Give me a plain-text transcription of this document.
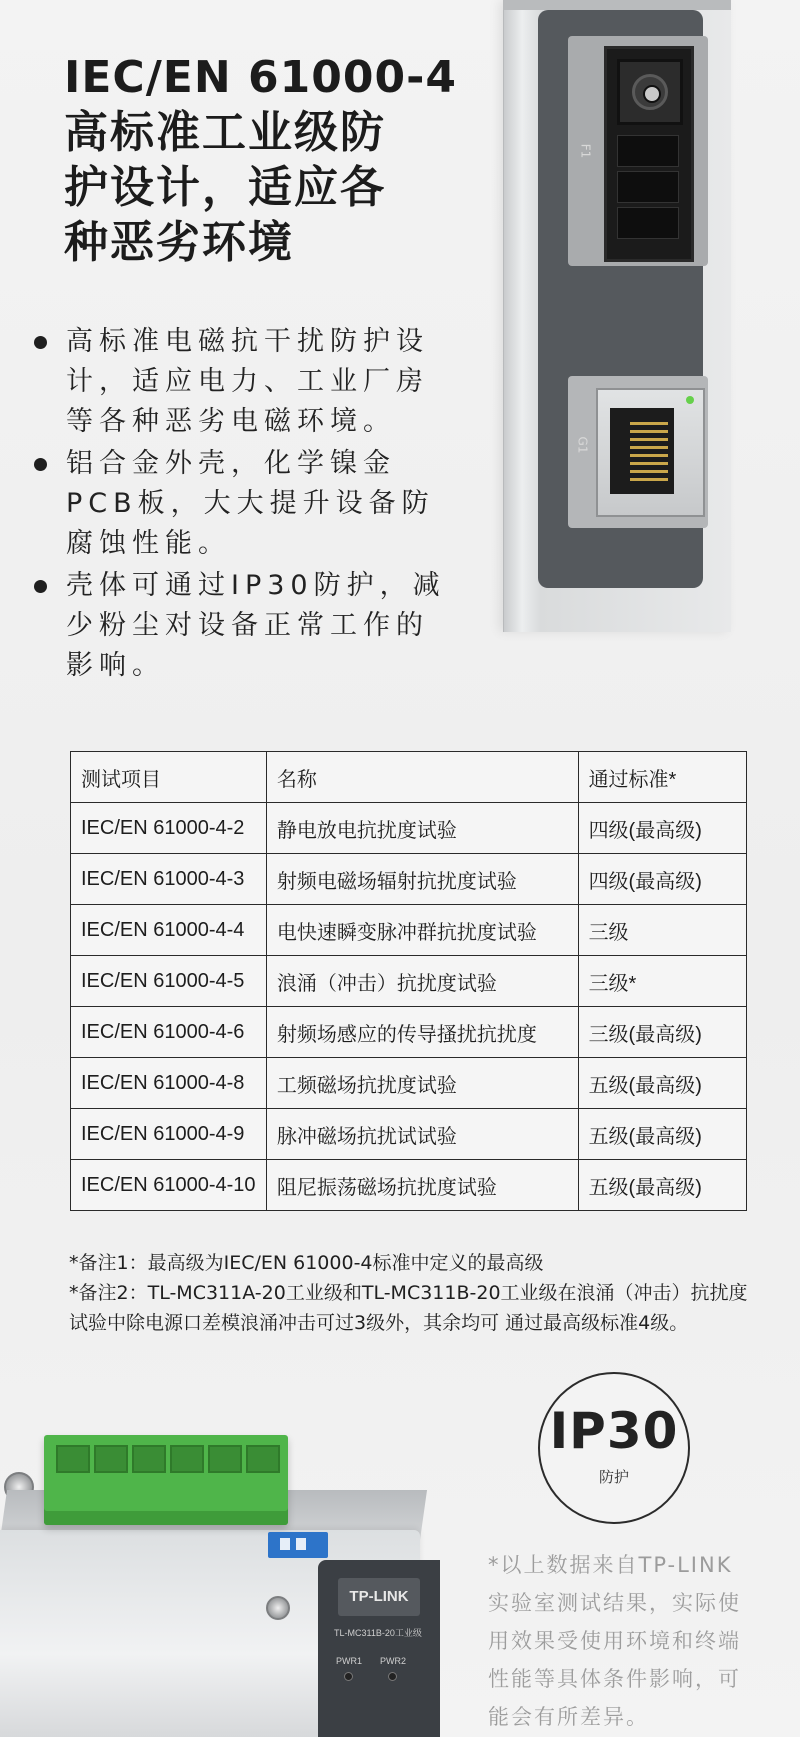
IEC/EN 61000-4
高标准工业级防
护设计，适应各
种恶劣环境
高标准电磁抗干扰防护设计，适应电力、工业厂房等各种恶劣电磁环境。
铝合金外壳，化学镍金PCB板，大大提升设备防腐蚀性能。
壳体可通过IP30防护，减少粉尘对设备正常工作的影响。
F1
G1
测试项目	名称	通过标准*
IEC/EN 61000-4-2	静电放电抗扰度试验	四级(最高级)
IEC/EN 61000-4-3	射频电磁场辐射抗扰度试验	四级(最高级)
IEC/EN 61000-4-4	电快速瞬变脉冲群抗扰度试验	三级
IEC/EN 61000-4-5	浪涌（冲击）抗扰度试验	三级*
IEC/EN 61000-4-6	射频场感应的传导搔扰抗扰度	三级(最高级)
IEC/EN 61000-4-8	工频磁场抗扰度试验	五级(最高级)
IEC/EN 61000-4-9	脉冲磁场抗扰试试验	五级(最高级)
IEC/EN 61000-4-10	阻尼振荡磁场抗扰度试验	五级(最高级)

*备注1：最高级为IEC/EN 61000-4标准中定义的最高级

*备注2：TL-MC311A-20工业级和TL-MC311B-20工业级在浪涌（冲击）抗扰度试验中除电源口差模浪涌冲击可过3级外，其余均可 通过最高级标准4级。

TP-LINK
TL-MC311B-20工业级
PWR1 PWR2
IP30
防护
*以上数据来自TP-LINK实验室测试结果，实际使用效果受使用环境和终端性能等具体条件影响，可能会有所差异。
